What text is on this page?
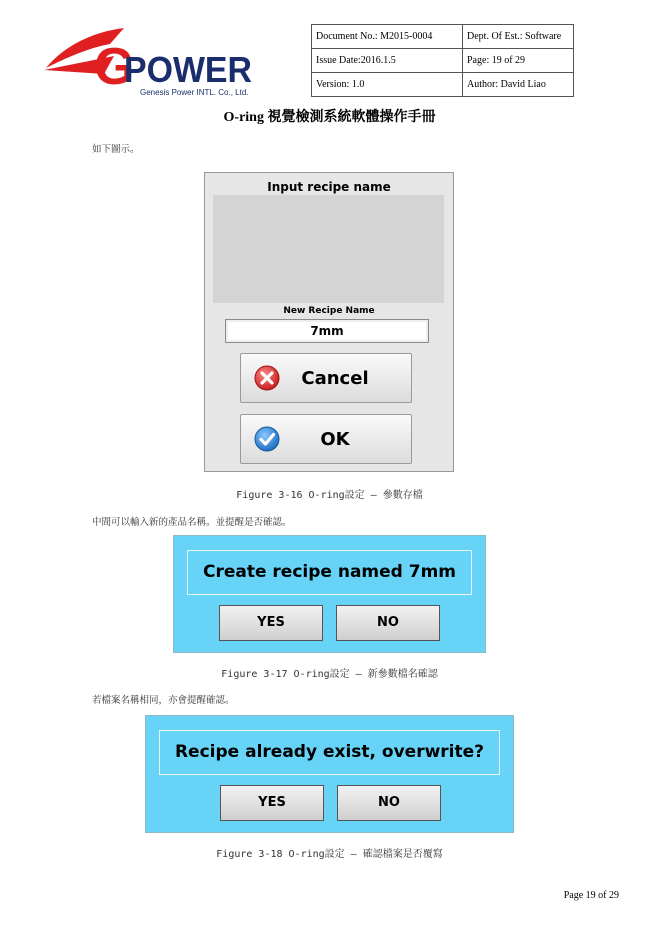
G
POWER
Genesis Power INTL. Co., Ltd.
Document No.: M2015-0004	Dept. Of Est.: Software
Issue Date:2016.1.5	Page: 19 of 29
Version: 1.0	Author: David Liao
O-ring 視覺檢測系統軟體操作手冊
如下圖示。
Input recipe name
New Recipe Name
7mm
Cancel
OK
Figure 3-16 O-ring設定 – 參數存檔
中間可以輸入新的產品名稱。並提醒是否確認。
Create recipe named 7mm
YES	NO
Figure 3-17 O-ring設定 – 新參數檔名確認
若檔案名稱相同，亦會提醒確認。
Recipe already exist, overwrite?
YES	NO
Figure 3-18 O-ring設定 – 確認檔案是否覆寫
Page 19 of 29
